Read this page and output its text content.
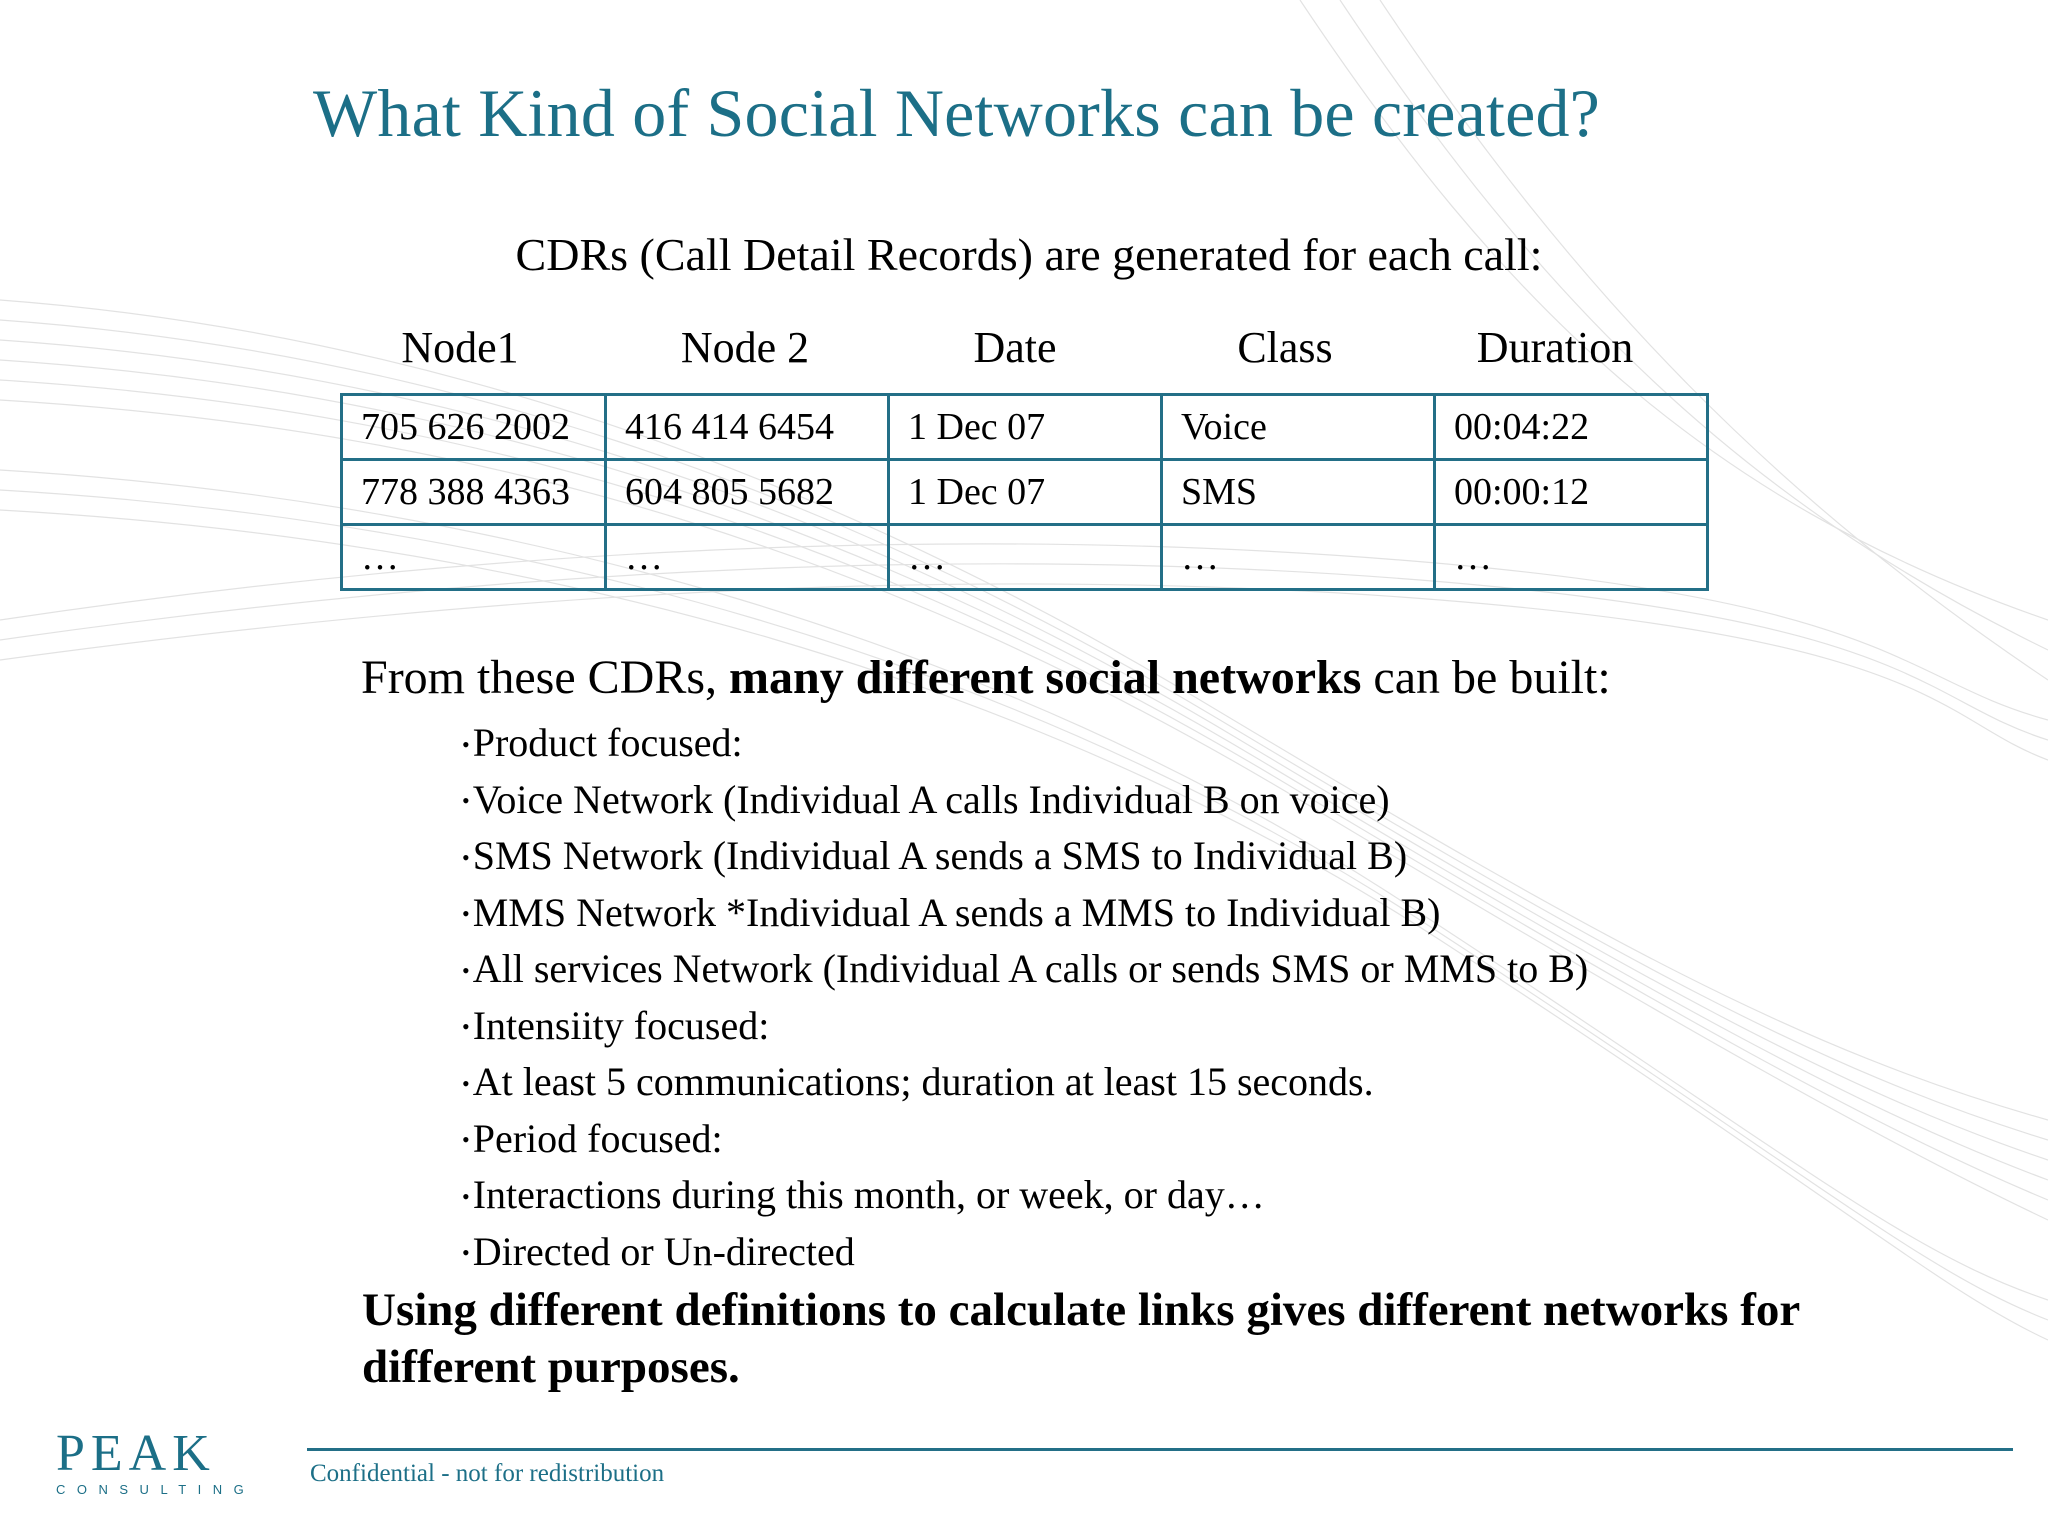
What Kind of Social Networks can be created?
CDRs (Call Detail Records) are generated for each call:
Node1	Node 2	Date	Class	Duration
705 626 2002	416 414 6454	1 Dec 07	Voice	00:04:22
778 388 4363	604 805 5682	1 Dec 07	SMS	00:00:12
…	…	…	…	…
From these CDRs, many different social networks can be built:
•Product focused:
•Voice Network (Individual A calls Individual B on voice)
•SMS Network (Individual A sends a SMS to Individual B)
•MMS Network *Individual A sends a MMS to Individual B)
•All services Network (Individual A calls or sends SMS or MMS to B)
•Intensiity focused:
•At least 5 communications; duration at least 15 seconds.
•Period focused:
•Interactions during this month, or week, or day…
•Directed or Un-directed
Using different definitions to calculate links gives different networks for different purposes.
Confidential - not for redistribution
PEAK
CONSULTING
